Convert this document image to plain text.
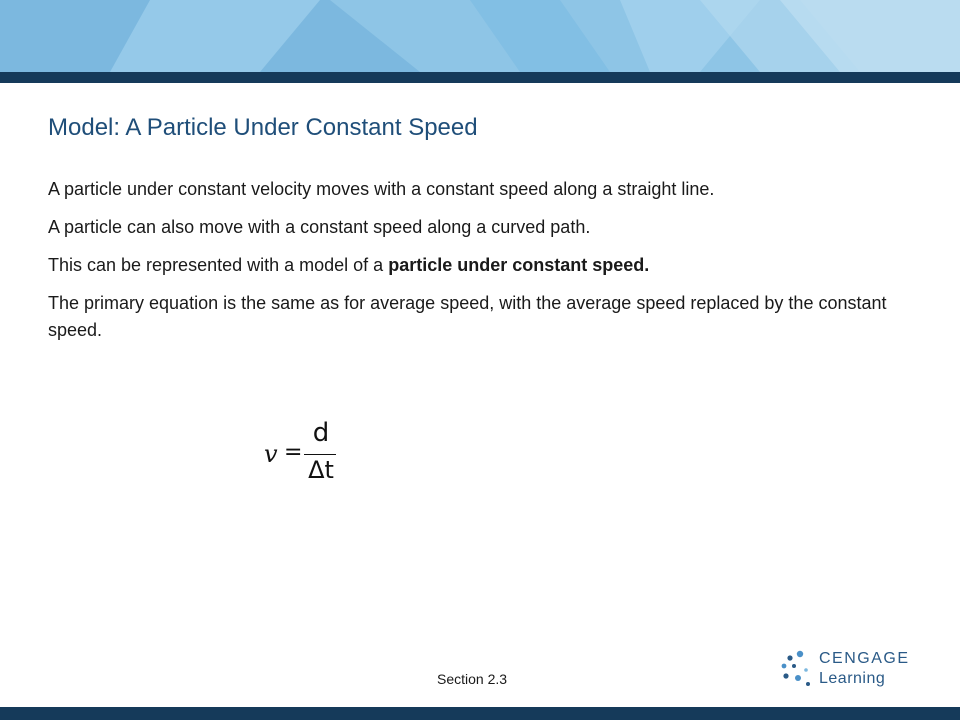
Model: A Particle Under Constant Speed

A particle under constant velocity moves with a constant speed along a straight line.

A particle can also move with a constant speed along a curved path.

This can be represented with a model of a particle under constant speed.

The primary equation is the same as for average speed, with the average speed replaced by the constant speed.

v =
d
Δt
Section 2.3
CENGAGE
Learning
